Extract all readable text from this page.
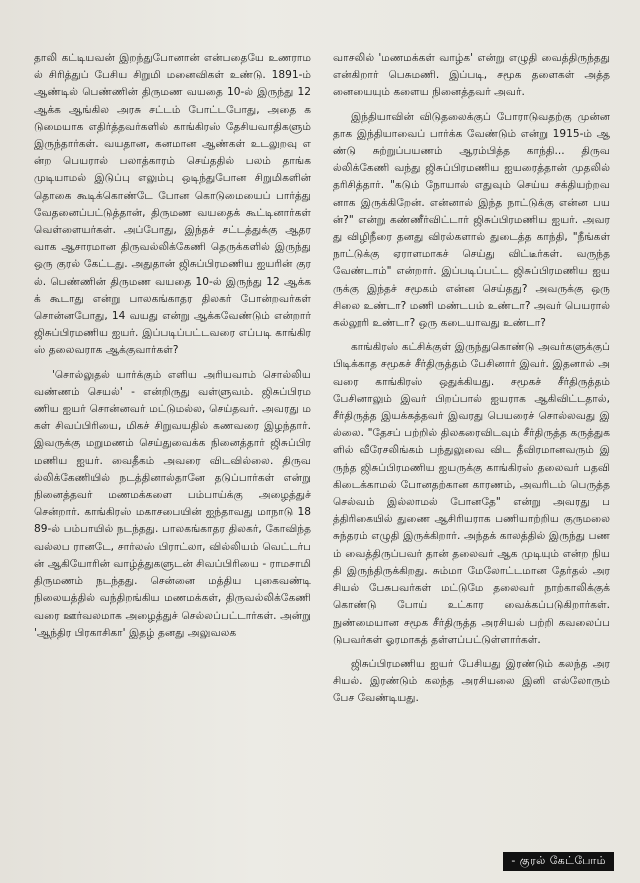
தாலி கட்டியவன் இறந்துபோனான் என்பதையே உணராமல் சிரித்துப் பேசிய சிறுமி மனைவிகள் உண்டு. 1891-ம் ஆண்டில் பெண்ணின் திருமண வயதை 10-ல் இருந்து 12 ஆக்க ஆங்கில அரசு சட்டம் போட்டபோது, அதை கடுமையாக எதிர்த்தவர்களில் காங்கிரஸ் தேசியவாதிகளும் இருந்தார்கள். வயதான, கனமான ஆண்கள் உடலுறவு என்ற பெயரால் பலாத்காரம் செய்ததில் பலம் தாங்க முடியாமல் இடுப்பு எலும்பு ஒடிந்துபோன சிறுமிகளின் தொகை கூடிக்கொண்டே போன கொடுமையைப் பார்த்து வேதனைப்பட்டுத்தான், திருமண வயதைக் கூட்டினார்கள் வெள்ளையர்கள். அப்போது, இந்தச் சட்டத்துக்கு ஆதரவாக ஆசாரமான திருவல்லிக்கேணி தெருக்களில் இருந்து ஒரு குரல் கேட்டது. அதுதான் ஜிசுப்பிரமணிய ஐயரின் குரல். பெண்ணின் திருமண வயதை 10-ல் இருந்து 12 ஆக்கக் கூடாது என்று பாலகங்காதர திலகர் போன்றவர்கள் சொன்னபோது, 14 வயது என்று ஆக்கவேண்டும் என்றார் ஜிசுப்பிரமணிய ஐயர். இப்படிப்பட்டவரை எப்படி காங்கிரஸ் தலைவராக ஆக்குவார்கள்?

'சொல்லுதல் யார்க்கும் எளிய அரியவாம் சொல்லிய வண்ணம் செயல்' - என்றிருது வள்ளுவம். ஜிசுப்பிரமணிய ஐயர் சொன்னவர் மட்டுமல்ல, செய்தவர். அவரது மகள் சிவப்பிரியை, மிகச் சிறுவயதில் கணவரை இழந்தார். இவருக்கு மறுமணம் செய்துவைக்க நினைத்தார் ஜிசுப்பிரமணிய ஐயர். வைதீகம் அவரை விடவில்லை. திருவல்லிக்கேணியில் நடத்தினால்தானே தடுப்பார்கள் என்று நினைத்தவர் மணமக்களை பம்பாய்க்கு அழைத்துச் சென்றார். காங்கிரஸ் மகாசபையின் ஐந்தாவது மாநாடு 1889-ல் பம்பாயில் நடந்தது. பாலகங்காதர திலகர், கோவிந்த வல்லப ரானடே, சார்லஸ் பிராட்லா, வில்லியம் வெட்டர்பன் ஆகியோரின் வாழ்த்துகளுடன் சிவப்பிரியை - ராமசாமி திருமணம் நடந்தது. சென்னை மத்திய புகைவண்டி நிலையத்தில் வந்திறங்கிய மணமக்கள், திருவல்லிக்கேணி வரை ஊர்வலமாக அழைத்துச் செல்லப்பட்டார்கள். அன்று 'ஆந்திர பிரகாசிகா' இதழ் தனது அலுவலக

வாசலில் 'மணமக்கள் வாழ்க' என்று எழுதி வைத்திருந்தது என்கிறார் பெசுமணி. இப்படி, சமூக தளைகள் அத்தனையையும் களைய நினைத்தவர் அவர்.

இந்தியாவின் விடுதலைக்குப் போராடுவதற்கு முன்னதாக இந்தியாவைப் பார்க்க வேண்டும் என்று 1915-ம் ஆண்டு சுற்றுப்பயணம் ஆரம்பித்த காந்தி... திருவல்லிக்கேணி வந்து ஜிசுப்பிரமணிய ஐயரைத்தான் முதலில் தரிசித்தார். "கடும் நோயால் எதுவும் செய்ய சக்தியற்றவனாக இருக்கிறேன். என்னால் இந்த நாட்டுக்கு என்ன பயன்?" என்று கண்ணீர்விட்டார் ஜிசுப்பிரமணிய ஐயர். அவரது விழிநீரை தனது விரல்களால் துடைத்த காந்தி, "நீங்கள் நாட்டுக்கு ஏராளமாகச் செய்து விட்டீர்கள். வருந்த வேண்டாம்" என்றார். இப்படிப்பட்ட ஜிசுப்பிரமணிய ஐயருக்கு இந்தச் சமூகம் என்ன செய்தது? அவருக்கு ஒரு சிலை உண்டா? மணி மண்டபம் உண்டா? அவர் பெயரால் கல்லூரி உண்டா? ஒரு கடையாவது உண்டா?

காங்கிரஸ் கட்சிக்குள் இருந்துகொண்டு அவர்களுக்குப் பிடிக்காத சமூகச் சீர்திருத்தம் பேசினார் இவர். இதனால் அவரை காங்கிரஸ் ஒதுக்கியது. சமூகச் சீர்திருத்தம் பேசினாலும் இவர் பிறப்பால் ஐயராக ஆகிவிட்டதால், சீர்திருத்த இயக்கத்தவர் இவரது பெயரைச் சொல்லவது இல்லை. "தேசப் பற்றில் திலகரைவிடவும் சீர்திருத்த கருத்துகளில் வீரேசலிங்கம் பந்துலுவை விட தீவிரமானவரும் இருந்த ஜிசுப்பிரமணிய ஐயருக்கு காங்கிரஸ் தலைவர் பதவி கிடைக்காமல் போனதற்கான காரணம், அவரிடம் பெருத்த செல்வம் இல்லாமல் போனதே" என்று அவரது பத்திரிகையில் துணை ஆசிரியராக பணியாற்றிய குருமலை சுந்தரம் எழுதி இருக்கிறார். அந்தக் காலத்தில் இருந்து பணம் வைத்திருப்பவர் தான் தலைவர் ஆக முடியும் என்ற நியதி இருந்திருக்கிறது. சும்மா மேலோட்டமான தேர்தல் அரசியல் பேசுபவர்கள் மட்டுமே தலைவர் நாற்காலிக்குக் கொண்டு போய் உட்கார வைக்கப்படுகிறார்கள். நுண்மையான சமூக சீர்திருத்த அரசியல் பற்றி கவலைப்படுபவர்கள் ஓரமாகத் தள்ளப்பட்டுள்ளார்கள்.

ஜிசுப்பிரமணிய ஐயர் பேசியது இரண்டும் கலந்த அரசியல். இரண்டும் கலந்த அரசியலை இனி எல்லோரும் பேச வேண்டியது.

- குரல் கேட்போம்
